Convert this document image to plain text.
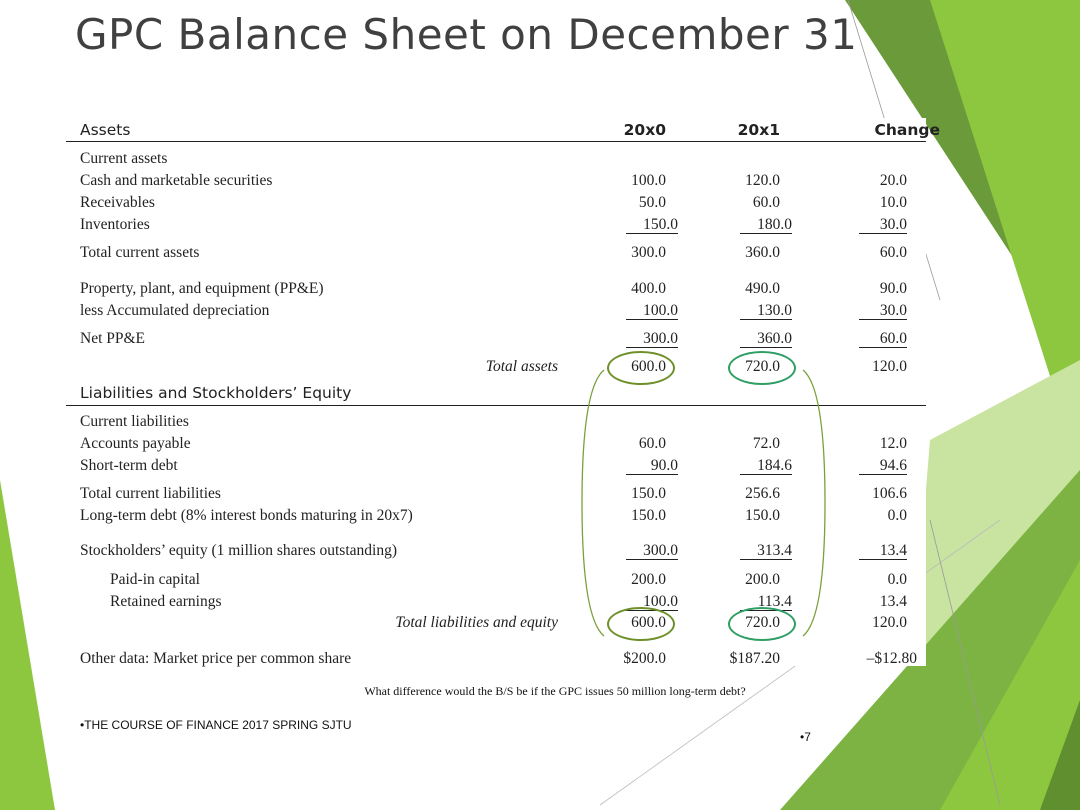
GPC Balance Sheet on December 31
Assets	20x0	20x1	Change
Current assets
Cash and marketable securities	100.0	120.0	20.0
Receivables	50.0	60.0	10.0
Inventories	150.0	180.0	30.0
Total current assets	300.0	360.0	60.0
Property, plant, and equipment (PP&E)	400.0	490.0	90.0
less Accumulated depreciation	100.0	130.0	30.0
Net PP&E	300.0	360.0	60.0
Total assets	600.0	720.0	120.0
Liabilities and Stockholders’ Equity
Current liabilities
Accounts payable	60.0	72.0	12.0
Short-term debt	90.0	184.6	94.6
Total current liabilities	150.0	256.6	106.6
Long-term debt (8% interest bonds maturing in 20x7)	150.0	150.0	0.0
Stockholders’ equity (1 million shares outstanding)	300.0	313.4	13.4
Paid-in capital	200.0	200.0	0.0
Retained earnings	100.0	113.4	13.4
Total liabilities and equity	600.0	720.0	120.0
Other data: Market price per common share	$200.0	$187.20	–$12.80
What difference would the B/S be if the GPC issues 50 million long-term debt?
•THE COURSE OF FINANCE 2017 SPRING SJTU
•7
